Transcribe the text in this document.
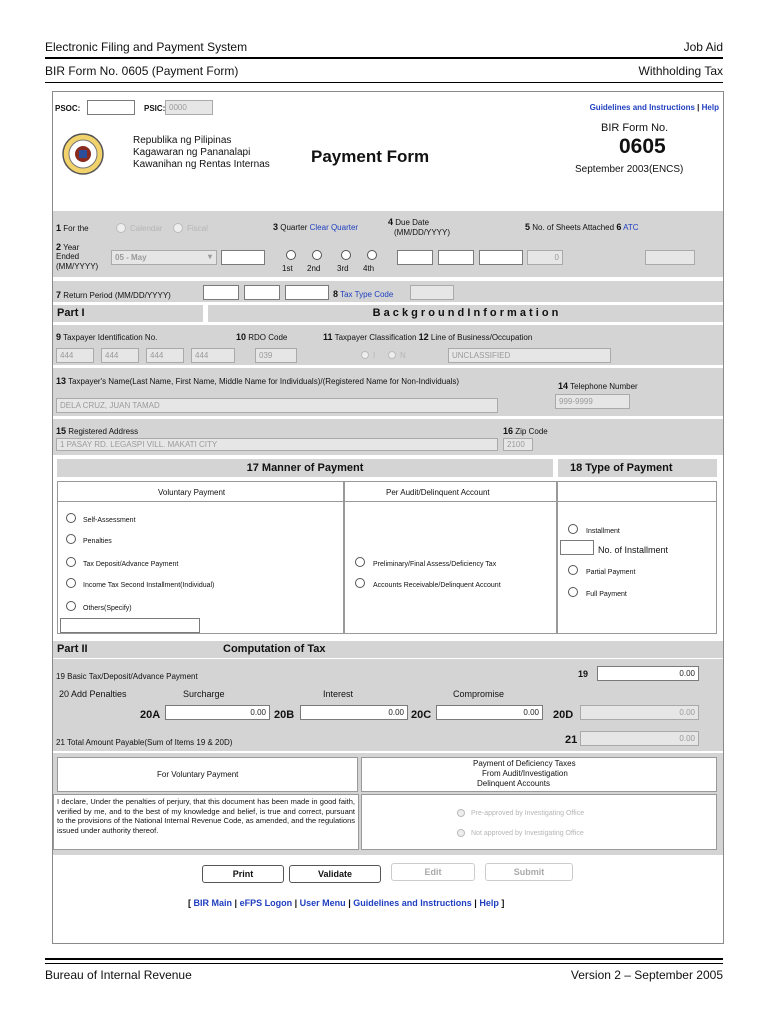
Electronic Filing and Payment System	Job Aid
BIR Form No. 0605 (Payment Form)	Withholding Tax
PSOC:	PSIC: 0000	Guidelines and Instructions | Help
Republika ng Pilipinas
Kagawaran ng Pananalapi
Kawanihan ng Rentas Internas Payment Form
BIR Form No.
0605
September 2003(ENCS)
1 For the	Calendar	Fiscal	3 Quarter Clear Quarter
4 Due Date
(MM/DD/YYYY)
5 No. of Sheets Attached 6 ATC
2 Year
Ended
(MM/YYYY)
05 - May	▾
1st 2nd 3rd 4th
0
7 Return Period (MM/DD/YYYY)	8 Tax Type Code
Part I	B a c k g r o u n d I n f o r m a t i o n
9 Taxpayer Identification No.	10 RDO Code	11 Taxpayer Classification 12 Line of Business/Occupation
444	444	444	444	039	I	N	UNCLASSIFIED
13 Taxpayer's Name(Last Name, First Name, Middle Name for Individuals)/(Registered Name for Non-Individuals)	14 Telephone Number
DELA CRUZ, JUAN TAMAD	999-9999
15 Registered Address	16 Zip Code
1 PASAY RD. LEGASPI VILL. MAKATI CITY	2100
17 Manner of Payment	18 Type of Payment
Voluntary Payment	Per Audit/Delinquent Account
Self-Assessment
Penalties
Tax Deposit/Advance Payment
Income Tax Second Installment(Individual)
Others(Specify)
Preliminary/Final Assess/Deficiency Tax
Accounts Receivable/Delinquent Account
Installment
No. of Installment
Partial Payment
Full Payment
Part II	Computation of Tax
19 Basic Tax/Deposit/Advance Payment	19	0.00
20 Add Penalties	Surcharge	Interest	Compromise
20A	0.00 20B	0.00 20C	0.00	20D	0.00
21 Total Amount Payable(Sum of Items 19 & 20D)	21	0.00
For Voluntary Payment
Payment of Deficiency Taxes
From Audit/Investigation
Delinquent Accounts
I declare, Under the penalties of perjury, that this document has been made in good faith, verified by me, and to the best of my knowledge and belief, is true and correct, pursuant to the provisions of the National Internal Revenue Code, as amended, and the regulations issued under authority thereof.
Pre-approved by Investigating Office
Not approved by Investigating Office
Print	Validate	Edit	Submit
[ BIR Main | eFPS Logon | User Menu | Guidelines and Instructions | Help ]
Bureau of Internal Revenue	Version 2 – September 2005
